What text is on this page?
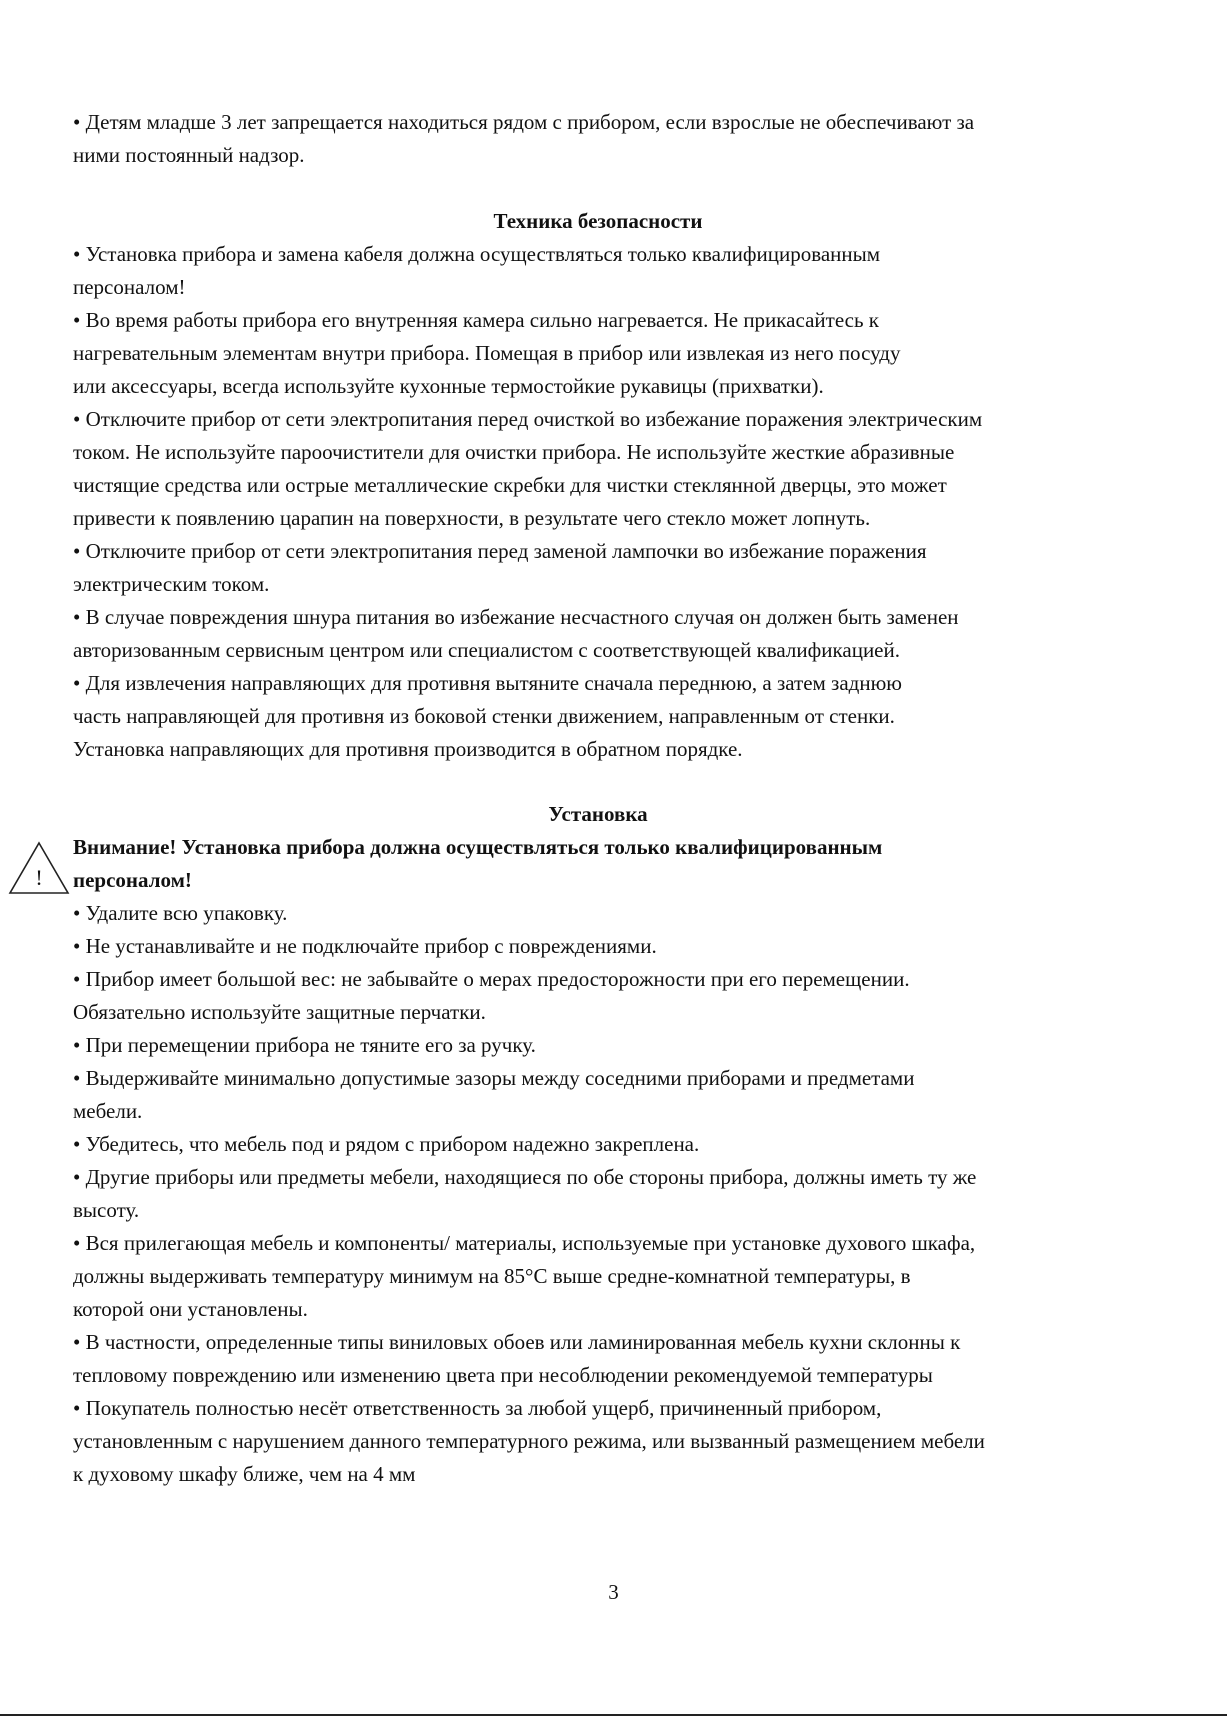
• Детям младше 3 лет запрещается находиться рядом с прибором, если взрослые не обеспечивают за
ними постоянный надзор.
Техника безопасности
• Установка прибора и замена кабеля должна осуществляться только квалифицированным
персоналом!
• Во время работы прибора его внутренняя камера сильно нагревается. Не прикасайтесь к
нагревательным элементам внутри прибора. Помещая в прибор или извлекая из него посуду
или аксессуары, всегда используйте кухонные термостойкие рукавицы (прихватки).
• Отключите прибор от сети электропитания перед очисткой во избежание поражения электрическим
током. Не используйте пароочистители для очистки прибора. Не используйте жесткие абразивные
чистящие средства или острые металлические скребки для чистки стеклянной дверцы, это может
привести к появлению царапин на поверхности, в результате чего стекло может лопнуть.
• Отключите прибор от сети электропитания перед заменой лампочки во избежание поражения
электрическим током.
• В случае повреждения шнура питания во избежание несчастного случая он должен быть заменен
авторизованным сервисным центром или специалистом с соответствующей квалификацией.
• Для извлечения направляющих для противня вытяните сначала переднюю, а затем заднюю
часть направляющей для противня из боковой стенки движением, направленным от стенки.
Установка направляющих для противня производится в обратном порядке.
Установка
!
Внимание! Установка прибора должна осуществляться только квалифицированным
персоналом!
• Удалите всю упаковку.
• Не устанавливайте и не подключайте прибор с повреждениями.
• Прибор имеет большой вес: не забывайте о мерах предосторожности при его перемещении.
Обязательно используйте защитные перчатки.
• При перемещении прибора не тяните его за ручку.
• Выдерживайте минимально допустимые зазоры между соседними приборами и предметами
мебели.
• Убедитесь, что мебель под и рядом с прибором надежно закреплена.
• Другие приборы или предметы мебели, находящиеся по обе стороны прибора, должны иметь ту же
высоту.
• Вся прилегающая мебель и компоненты/ материалы, используемые при установке духового шкафа,
должны выдерживать температуру минимум на 85°C выше средне-комнатной температуры, в
которой они установлены.
• В частности, определенные типы виниловых обоев или ламинированная мебель кухни склонны к
тепловому повреждению или изменению цвета при несоблюдении рекомендуемой температуры
• Покупатель полностью несёт ответственность за любой ущерб, причиненный прибором,
установленным с нарушением данного температурного режима, или вызванный размещением мебели
к духовому шкафу ближе, чем на 4 мм
3
